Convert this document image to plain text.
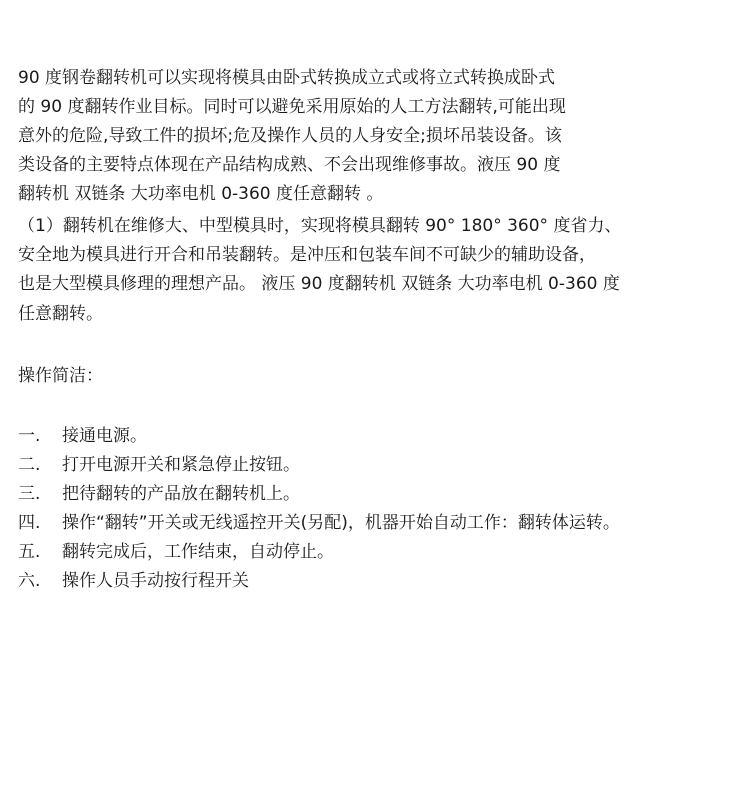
90 度钢卷翻转机可以实现将模具由卧式转换成立式或将立式转换成卧式
的 90 度翻转作业目标。同时可以避免采用原始的人工方法翻转,可能出现
意外的危险,导致工件的损坏;危及操作人员的人身安全;损坏吊装设备。该
类设备的主要特点体现在产品结构成熟、不会出现维修事故。液压 90 度
翻转机 双链条 大功率电机 0-360 度任意翻转 。
（1）翻转机在维修大、中型模具时，实现将模具翻转 90° 180° 360° 度省力、
安全地为模具进行开合和吊装翻转。是冲压和包装车间不可缺少的辅助设备，
也是大型模具修理的理想产品。 液压 90 度翻转机 双链条 大功率电机 0-360 度
任意翻转。
操作简洁：
一. 接通电源。
二. 打开电源开关和紧急停止按钮。
三. 把待翻转的产品放在翻转机上。
四. 操作“翻转”开关或无线遥控开关(另配)，机器开始自动工作：翻转体运转。
五. 翻转完成后，工作结束，自动停止。
六. 操作人员手动按行程开关
